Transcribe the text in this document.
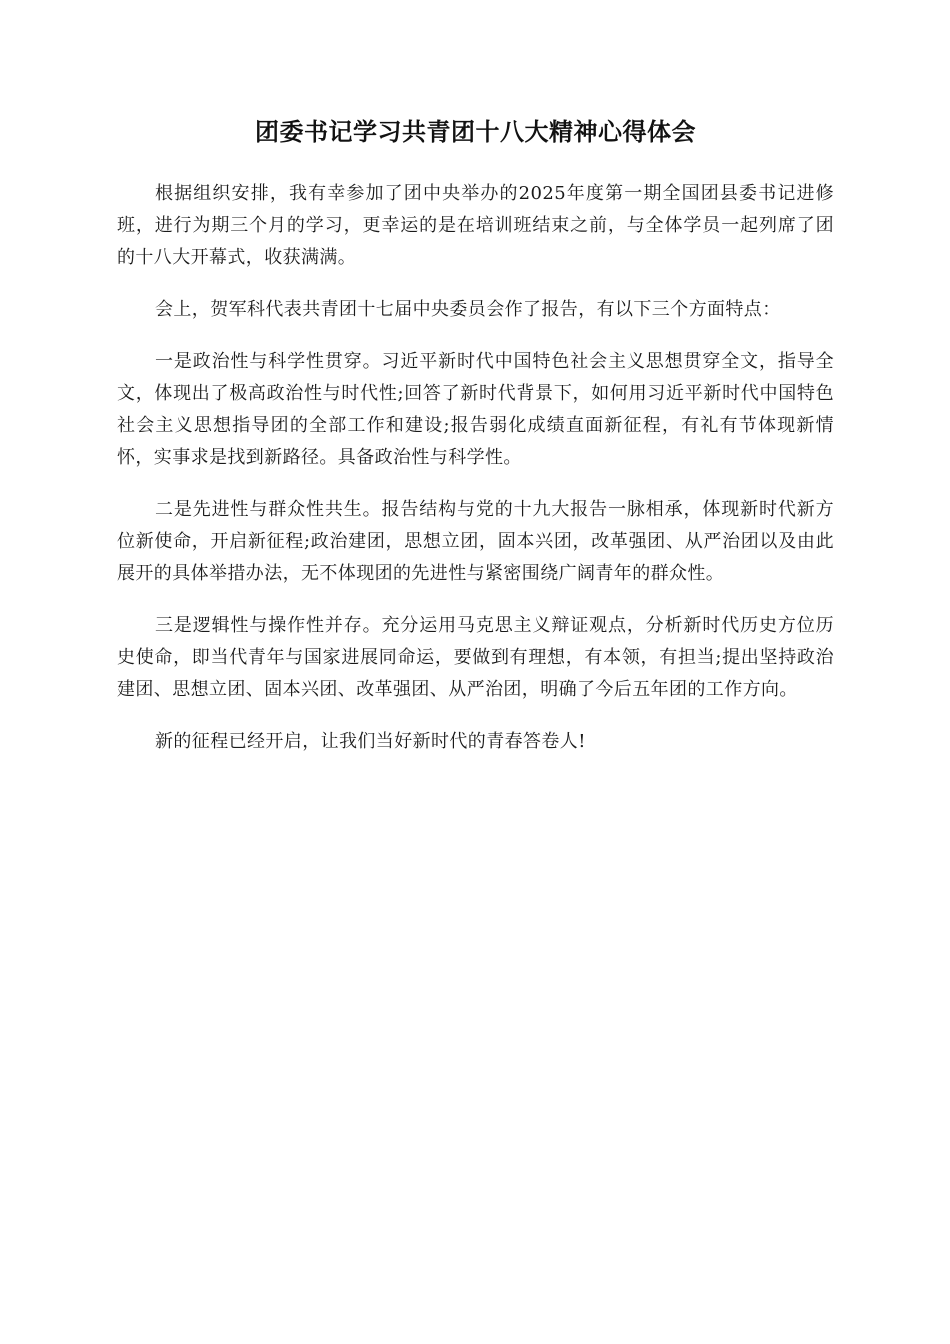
团委书记学习共青团十八大精神心得体会

根据组织安排，我有幸参加了团中央举办的2025年度第一期全国团县委书记进修班，进行为期三个月的学习，更幸运的是在培训班结束之前，与全体学员一起列席了团的十八大开幕式，收获满满。

会上，贺军科代表共青团十七届中央委员会作了报告，有以下三个方面特点：

一是政治性与科学性贯穿。习近平新时代中国特色社会主义思想贯穿全文，指导全文，体现出了极高政治性与时代性;回答了新时代背景下，如何用习近平新时代中国特色社会主义思想指导团的全部工作和建设;报告弱化成绩直面新征程，有礼有节体现新情怀，实事求是找到新路径。具备政治性与科学性。

二是先进性与群众性共生。报告结构与党的十九大报告一脉相承，体现新时代新方位新使命，开启新征程;政治建团，思想立团，固本兴团，改革强团、从严治团以及由此展开的具体举措办法，无不体现团的先进性与紧密围绕广阔青年的群众性。

三是逻辑性与操作性并存。充分运用马克思主义辩证观点，分析新时代历史方位历史使命，即当代青年与国家进展同命运，要做到有理想，有本领，有担当;提出坚持政治建团、思想立团、固本兴团、改革强团、从严治团，明确了今后五年团的工作方向。

新的征程已经开启，让我们当好新时代的青春答卷人!
